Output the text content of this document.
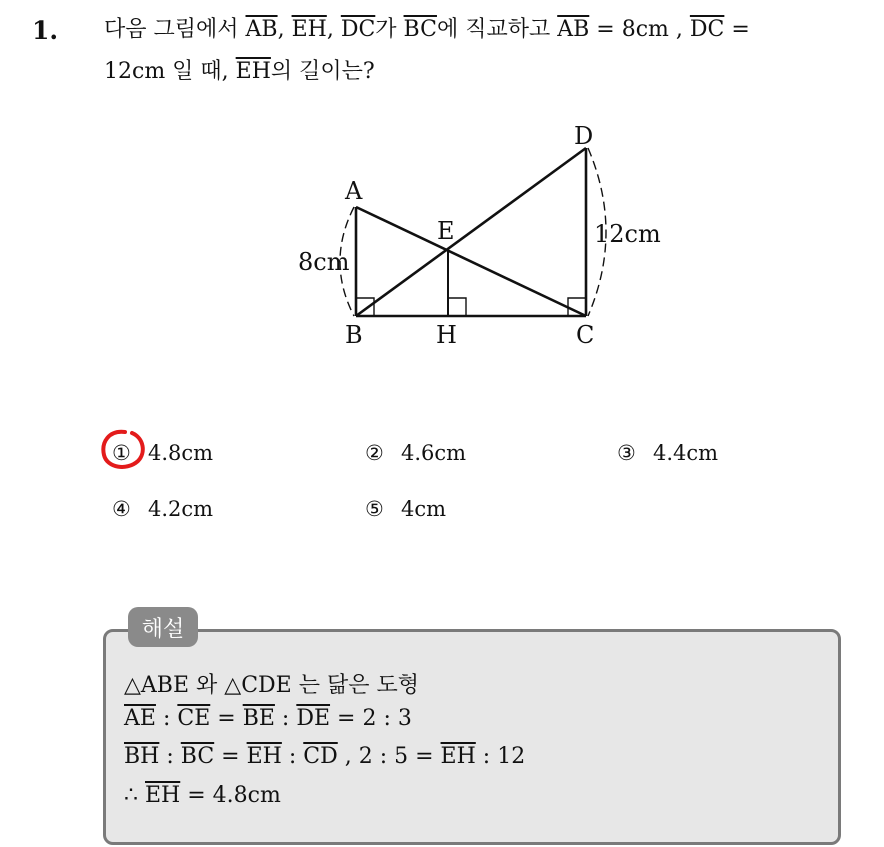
1. 다음 그림에서 $\overline{AB}$, $\overline{EH}$, $\overline{DC}$가 $\overline{BC}$에 직교하고 $\overline{AB} = 8cm$ , $\overline{DC}$ =
12cm 일 때, $\overline{EH}$의 길이는?
A
B	C
D
E
H
8cm
12cm
① 4.8cm	② 4.6cm	③ 4.4cm
④ 4.2cm	⑤ 4cm
해설
△ABE 와 △CDE 는 닮은 도형
$\overline{AE}$ : $\overline{CE} = \overline{BE}$ : $\overline{DE} = 2$ : 3
$\overline{BH}$ : $\overline{BC} = \overline{EH}$ : $\overline{CD}$ , 2 : $5 = \overline{EH}$ : 12
∴ $\overline{EH} = 4.8cm$
